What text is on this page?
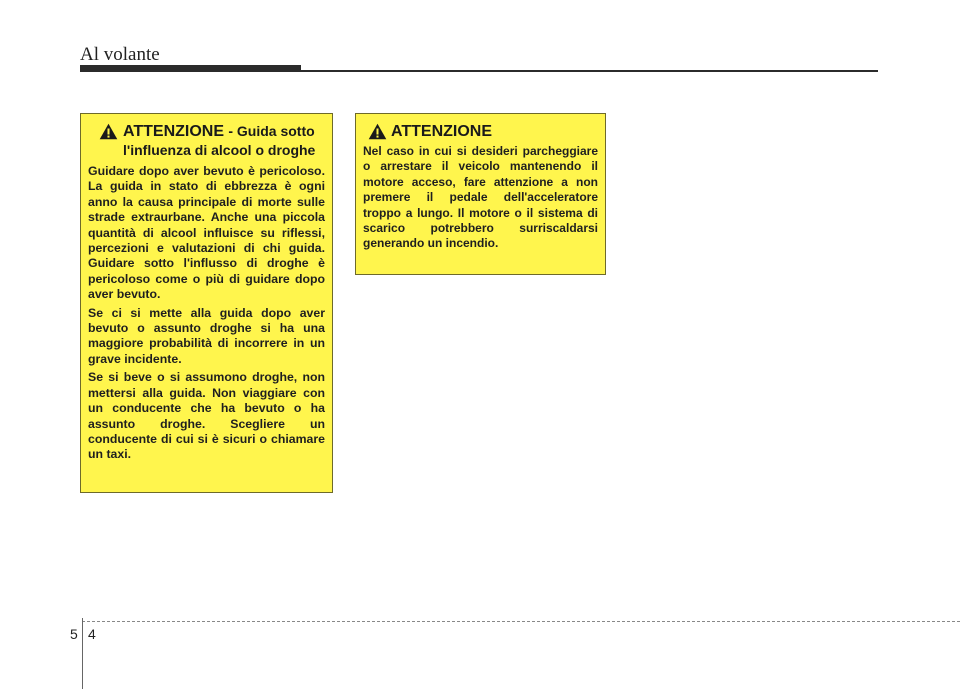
Al volante
ATTENZIONE - Guida sotto l'influenza di alcool o droghe

Guidare dopo aver bevuto è pericoloso. La guida in stato di ebbrezza è ogni anno la causa principale di morte sulle strade extraurbane. Anche una piccola quantità di alcool influisce su riflessi, percezioni e valutazioni di chi guida. Guidare sotto l'influsso di droghe è pericoloso come o più di guidare dopo aver bevuto.

Se ci si mette alla guida dopo aver bevuto o assunto droghe si ha una maggiore probabilità di incorrere in un grave incidente.

Se si beve o si assumono droghe, non mettersi alla guida. Non viaggiare con un conducente che ha bevuto o ha assunto droghe. Scegliere un conducente di cui si è sicuri o chiamare un taxi.

ATTENZIONE

Nel caso in cui si desideri parcheggiare o arrestare il veicolo mantenendo il motore acceso, fare attenzione a non premere il pedale dell'acceleratore troppo a lungo. Il motore o il sistema di scarico potrebbero surriscaldarsi generando un incendio.

5 4
